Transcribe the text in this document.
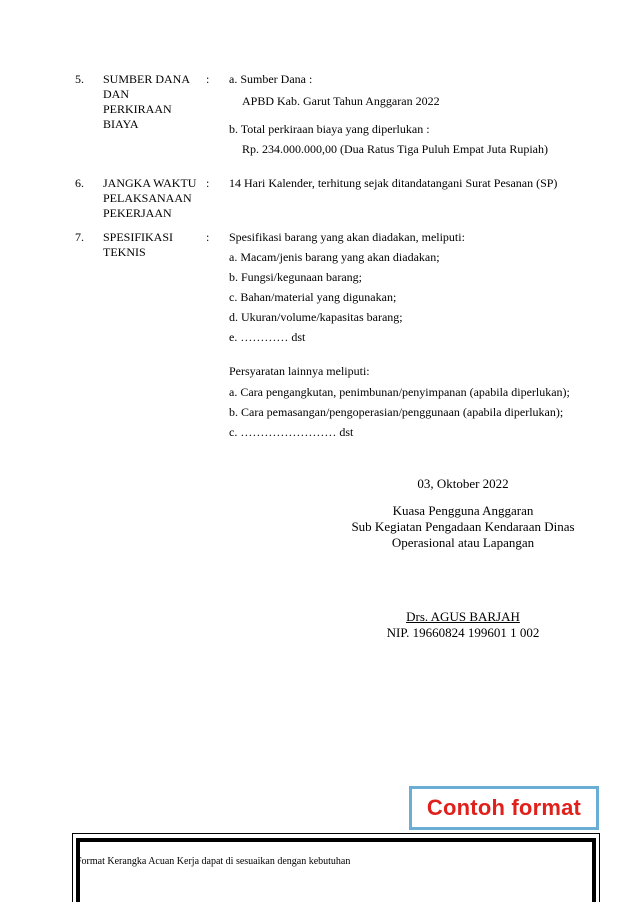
5. SUMBER DANA
DAN
PERKIRAAN
BIAYA
: a. Sumber Dana :
APBD Kab. Garut Tahun Anggaran 2022
b. Total perkiraan biaya yang diperlukan :
Rp. 234.000.000,00 (Dua Ratus Tiga Puluh Empat Juta Rupiah)
6. JANGKA WAKTU
PELAKSANAAN
PEKERJAAN
: 14 Hari Kalender, terhitung sejak ditandatangani Surat Pesanan (SP)
7. SPESIFIKASI
TEKNIS
: Spesifikasi barang yang akan diadakan, meliputi:
a. Macam/jenis barang yang akan diadakan;
b. Fungsi/kegunaan barang;
c. Bahan/material yang digunakan;
d. Ukuran/volume/kapasitas barang;
e. ………… dst
Persyaratan lainnya meliputi:
a. Cara pengangkutan, penimbunan/penyimpanan (apabila diperlukan);
b. Cara pemasangan/pengoperasian/penggunaan (apabila diperlukan);
c. …………………… dst
03, Oktober 2022
Kuasa Pengguna Anggaran
Sub Kegiatan Pengadaan Kendaraan Dinas
Operasional atau Lapangan
Drs. AGUS BARJAH
NIP. 19660824 199601 1 002
Contoh format
Format Kerangka Acuan Kerja dapat di sesuaikan dengan kebutuhan
